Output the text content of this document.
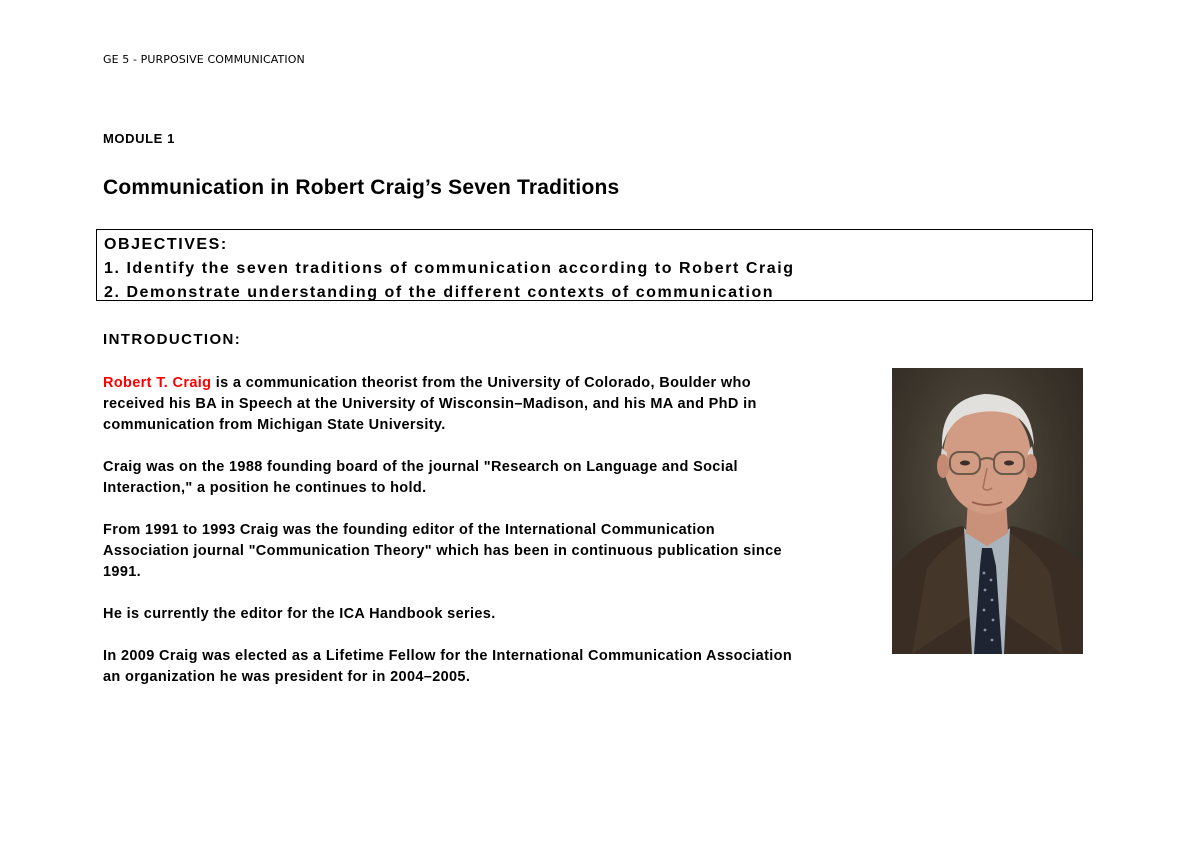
GE 5 - PURPOSIVE COMMUNICATION
MODULE 1
Communication in Robert Craig’s Seven Traditions
OBJECTIVES:
1. Identify the seven traditions of communication according to Robert Craig
2. Demonstrate understanding of the different contexts of communication
INTRODUCTION:

Robert T. Craig is a communication theorist from the University of Colorado, Boulder who
received his BA in Speech at the University of Wisconsin–Madison, and his MA and PhD in
communication from Michigan State University.

Craig was on the 1988 founding board of the journal "Research on Language and Social
Interaction," a position he continues to hold.

From 1991 to 1993 Craig was the founding editor of the International Communication
Association journal "Communication Theory" which has been in continuous publication since
1991.

He is currently the editor for the ICA Handbook series.

In 2009 Craig was elected as a Lifetime Fellow for the International Communication Association
an organization he was president for in 2004–2005.
